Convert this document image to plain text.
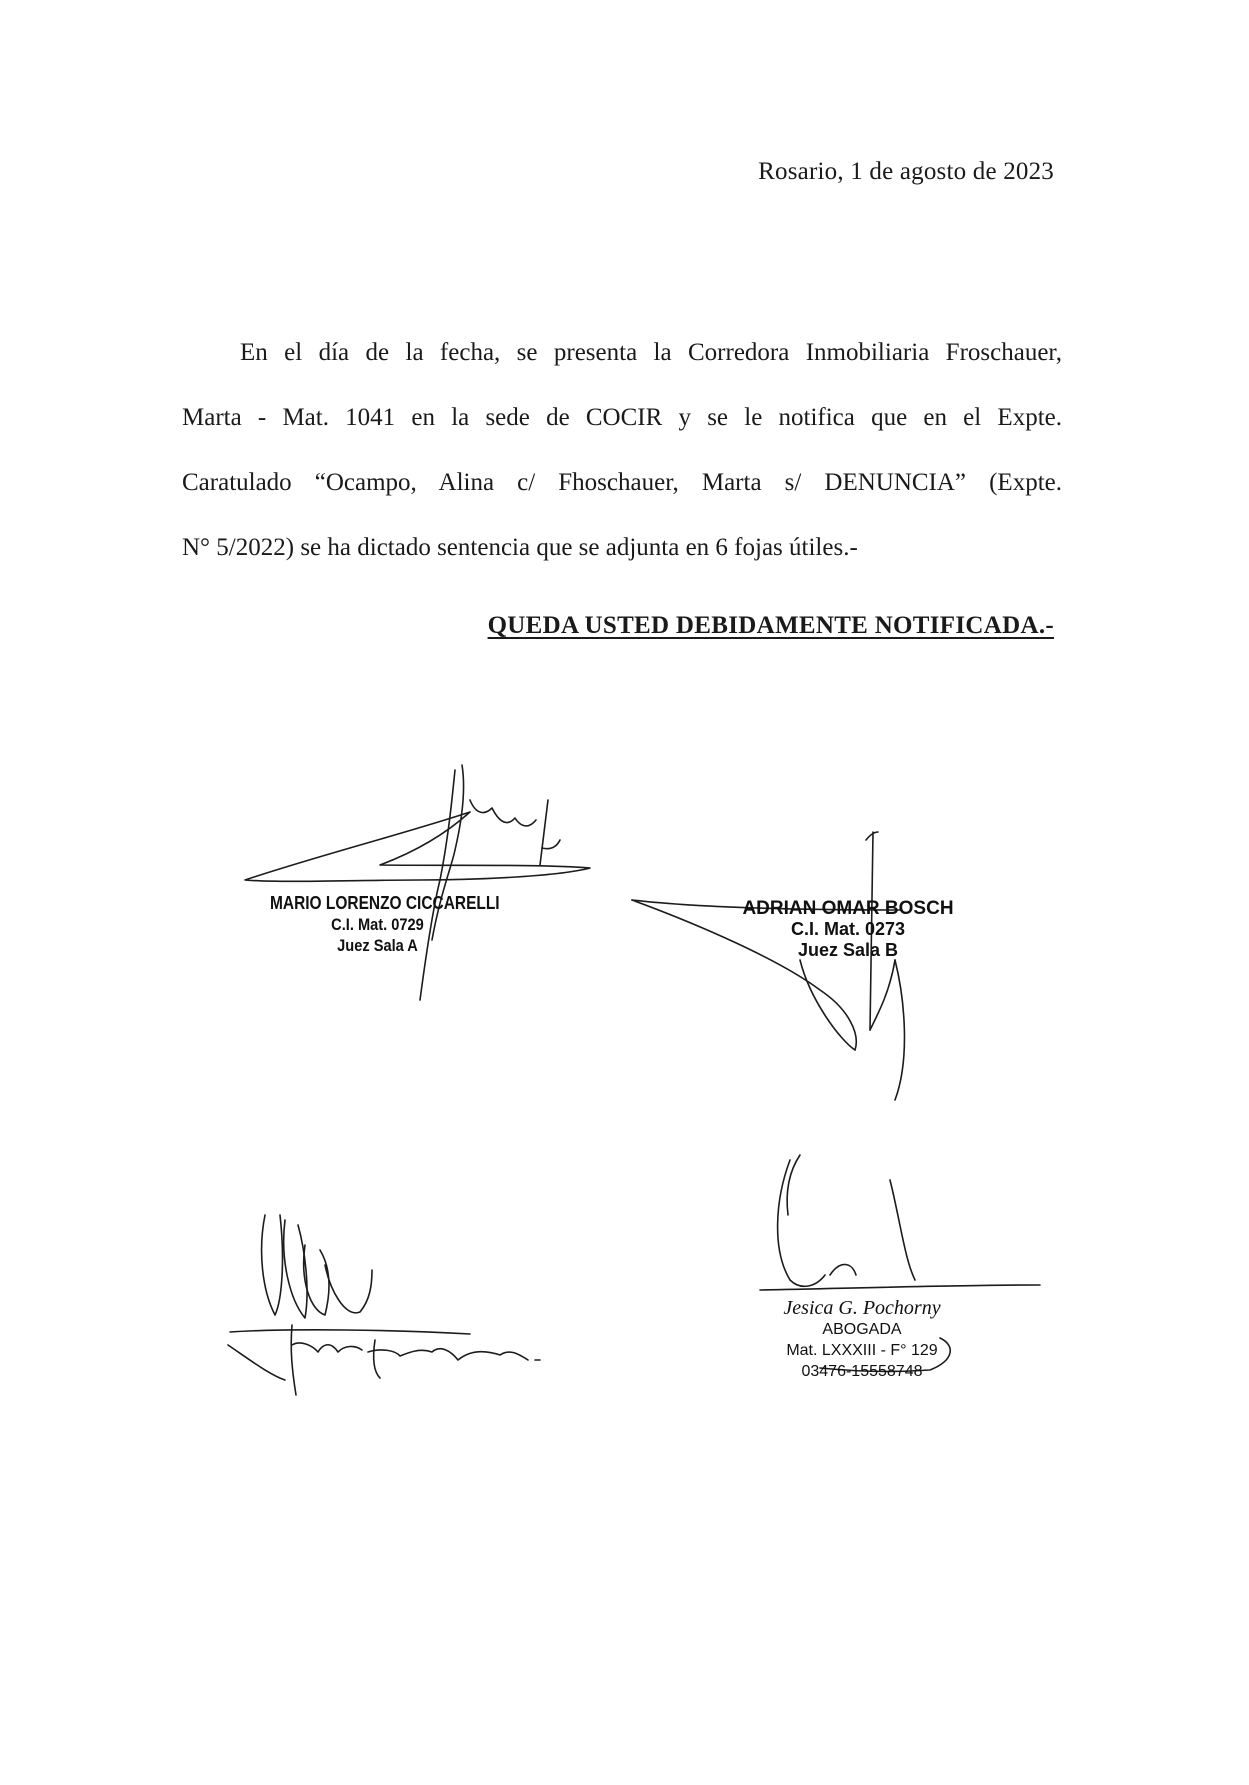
Rosario, 1 de agosto de 2023

En el día de la fecha, se presenta la Corredora Inmobiliaria Froschauer,
Marta - Mat. 1041 en la sede de COCIR y se le notifica que en el Expte.
Caratulado “Ocampo, Alina c/ Fhoschauer, Marta s/ DENUNCIA” (Expte.
N° 5/2022) se ha dictado sentencia que se adjunta en 6 fojas útiles.-

QUEDA USTED DEBIDAMENTE NOTIFICADA.-
MARIO LORENZO CICCARELLI
C.I. Mat. 0729
Juez Sala A
ADRIAN OMAR BOSCH
C.I. Mat. 0273
Juez Sala B
Jesica G. Pochorny
ABOGADA
Mat. LXXXIII - F° 129
03476-15558748
